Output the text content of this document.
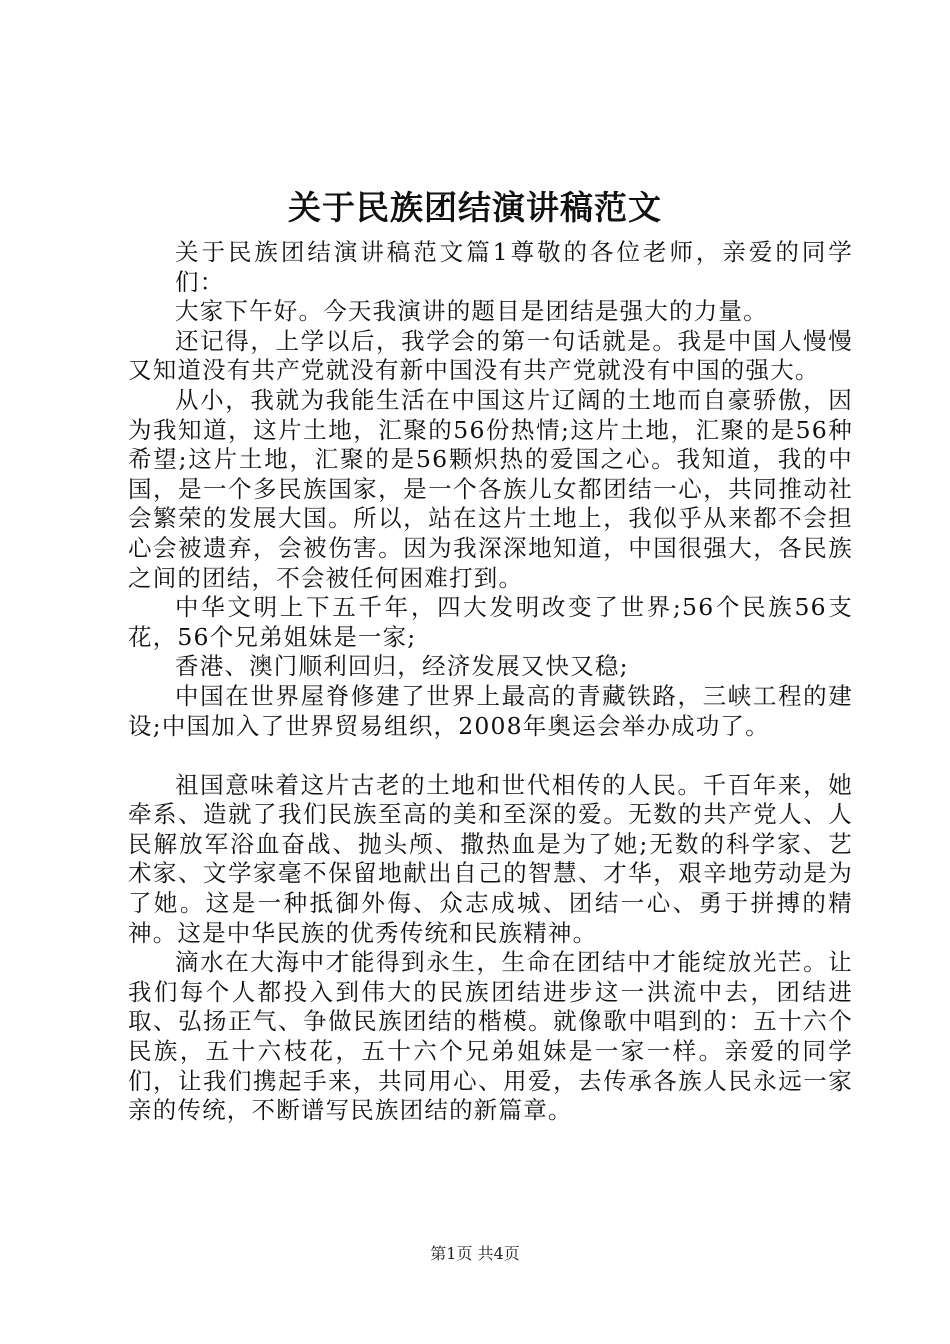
关于民族团结演讲稿范文

关于民族团结演讲稿范文篇1尊敬的各位老师，亲爱的同学们：

大家下午好。今天我演讲的题目是团结是强大的力量。

还记得，上学以后，我学会的第一句话就是。我是中国人慢慢又知道没有共产党就没有新中国没有共产党就没有中国的强大。

从小，我就为我能生活在中国这片辽阔的土地而自豪骄傲，因为我知道，这片土地，汇聚的56份热情;这片土地，汇聚的是56种希望;这片土地，汇聚的是56颗炽热的爱国之心。我知道，我的中国，是一个多民族国家，是一个各族儿女都团结一心，共同推动社会繁荣的发展大国。所以，站在这片土地上，我似乎从来都不会担心会被遗弃，会被伤害。因为我深深地知道，中国很强大，各民族之间的团结，不会被任何困难打到。

中华文明上下五千年，四大发明改变了世界;56个民族56支花，56个兄弟姐妹是一家;

香港、澳门顺利回归，经济发展又快又稳;

中国在世界屋脊修建了世界上最高的青藏铁路，三峡工程的建设;中国加入了世界贸易组织，2008年奥运会举办成功了。

祖国意味着这片古老的土地和世代相传的人民。千百年来，她牵系、造就了我们民族至高的美和至深的爱。无数的共产党人、人民解放军浴血奋战、抛头颅、撒热血是为了她;无数的科学家、艺术家、文学家毫不保留地献出自己的智慧、才华，艰辛地劳动是为了她。这是一种抵御外侮、众志成城、团结一心、勇于拼搏的精神。这是中华民族的优秀传统和民族精神。

滴水在大海中才能得到永生，生命在团结中才能绽放光芒。让我们每个人都投入到伟大的民族团结进步这一洪流中去，团结进取、弘扬正气、争做民族团结的楷模。就像歌中唱到的：五十六个民族，五十六枝花，五十六个兄弟姐妹是一家一样。亲爱的同学们，让我们携起手来，共同用心、用爱，去传承各族人民永远一家亲的传统，不断谱写民族团结的新篇章。

第1页 共4页
